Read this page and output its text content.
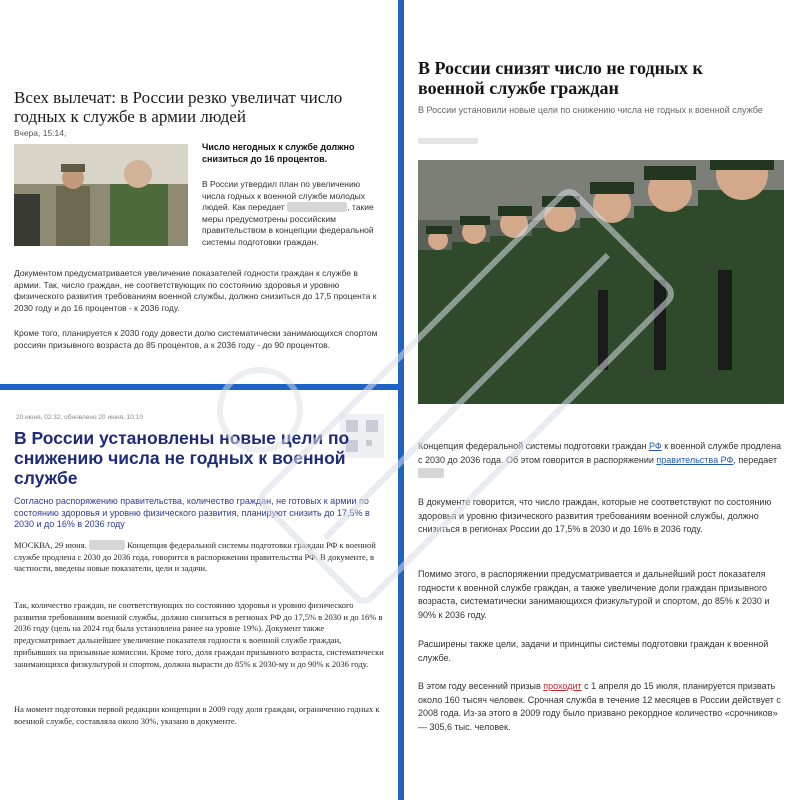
Всех вылечат: в России резко увеличат число годных к службе в армии людей
Вчера, 15:14,
Число негодных к службе должно снизиться до 16 процентов.
В России утвердил план по увеличению числа годных к военной службе молодых людей. Как передает	, такие меры предусмотрены российским правительством в концепции федеральной системы подготовки граждан.
Документом предусматривается увеличение показателей годности граждан к службе в армии. Так, число граждан, не соответствующих по состоянию здоровья и уровню физического развития требованиям военной службы, должно снизиться до 17,5 процента к 2030 году и до 16 процентов - к 2036 году.
Кроме того, планируется к 2030 году довести долю систематически занимающихся спортом россиян призывного возраста до 85 процентов, а к 2036 году - до 90 процентов.
20 июня, 02:32, обновлено 20 июня, 10:10
В России установлены новые цели по снижению числа не годных к военной службе
Согласно распоряжению правительства, количество граждан, не готовых к армии по состоянию здоровья и уровню физического развития, планируют снизить до 17,5% в 2030 и до 16% в 2036 году
МОСКВА, 29 июня.	Концепция федеральной системы подготовки граждан РФ к военной службе продлена с 2030 до 2036 года, говорится в распоряжении правительства РФ. В документе, в частности, введены новые показатели, цели и задачи.
Так, количество граждан, не соответствующих по состоянию здоровья и уровню физического развития требованиям военной службы, должно снизиться в регионах РФ до 17,5% в 2030 и до 16% в 2036 году (цель на 2024 год была установлена ранее на уровне 19%). Документ также предусматривает дальнейшее увеличение показателя годности к военной службе граждан, прибывших на призывные комиссии. Кроме того, доля граждан призывного возраста, систематически занимающихся физкультурой и спортом, должна вырасти до 85% к 2030-му и до 90% к 2036 году.
На момент подготовки первой редакции концепции в 2009 году доля граждан, ограниченно годных к военной службе, составляла около 30%, указано в документе.
В России снизят число не годных к военной службе граждан
В России установили новые цели по снижению числа не годных к военной службе
Концепция федеральной системы подготовки граждан РФ к военной службе продлена с 2030 до 2036 года. Об этом говорится в распоряжении правительства РФ, передает
В документе говорится, что число граждан, которые не соответствуют по состоянию здоровья и уровню физического развития требованиям военной службы, должно снизиться в регионах России до 17,5% в 2030 и до 16% в 2036 году.
Помимо этого, в распоряжении предусматривается и дальнейший рост показателя годности к военной службе граждан, а также увеличение доли граждан призывного возраста, систематически занимающихся физкультурой и спортом, до 85% к 2030 и 90% к 2036 году.
Расширены также цели, задачи и принципы системы подготовки граждан к военной службе.
В этом году весенний призыв проходит с 1 апреля до 15 июля, планируется призвать около 160 тысяч человек. Срочная служба в течение 12 месяцев в России действует с 2008 года. Из-за этого в 2009 году было призвано рекордное количество «срочников» — 305,6 тыс. человек.
